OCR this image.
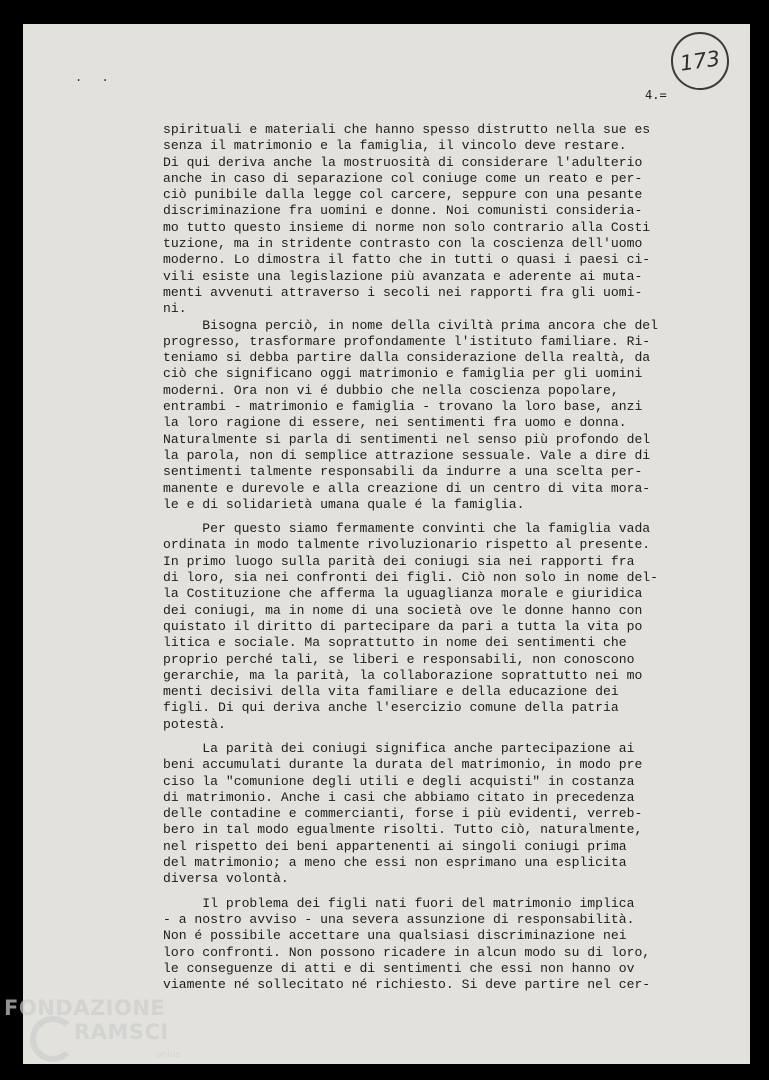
. .
173
4.=
spirituali e materiali che hanno spesso distrutto nella sue es
senza il matrimonio e la famiglia, il vincolo deve restare.
Di qui deriva anche la mostruosità di considerare l'adulterio
anche in caso di separazione col coniuge come un reato e per-
ciò punibile dalla legge col carcere, seppure con una pesante
discriminazione fra uomini e donne. Noi comunisti consideria-
mo tutto questo insieme di norme non solo contrario alla Costi
tuzione, ma in stridente contrasto con la coscienza dell'uomo
moderno. Lo dimostra il fatto che in tutti o quasi i paesi ci-
vili esiste una legislazione più avanzata e aderente ai muta-
menti avvenuti attraverso i secoli nei rapporti fra gli uomi-
ni.
Bisogna perciò, in nome della civiltà prima ancora che del
progresso, trasformare profondamente l'istituto familiare. Ri-
teniamo si debba partire dalla considerazione della realtà, da
ciò che significano oggi matrimonio e famiglia per gli uomini
moderni. Ora non vi é dubbio che nella coscienza popolare,
entrambi - matrimonio e famiglia - trovano la loro base, anzi
la loro ragione di essere, nei sentimenti fra uomo e donna.
Naturalmente si parla di sentimenti nel senso più profondo del
la parola, non di semplice attrazione sessuale. Vale a dire di
sentimenti talmente responsabili da indurre a una scelta per-
manente e durevole e alla creazione di un centro di vita mora-
le e di solidarietà umana quale é la famiglia.
Per questo siamo fermamente convinti che la famiglia vada
ordinata in modo talmente rivoluzionario rispetto al presente.
In primo luogo sulla parità dei coniugi sia nei rapporti fra
di loro, sia nei confronti dei figli. Ciò non solo in nome del-
la Costituzione che afferma la uguaglianza morale e giuridica
dei coniugi, ma in nome di una società ove le donne hanno con
quistato il diritto di partecipare da pari a tutta la vita po
litica e sociale. Ma soprattutto in nome dei sentimenti che
proprio perché tali, se liberi e responsabili, non conoscono
gerarchie, ma la parità, la collaborazione soprattutto nei mo
menti decisivi della vita familiare e della educazione dei
figli. Di qui deriva anche l'esercizio comune della patria
potestà.
La parità dei coniugi significa anche partecipazione ai
beni accumulati durante la durata del matrimonio, in modo pre
ciso la "comunione degli utili e degli acquisti" in costanza
di matrimonio. Anche i casi che abbiamo citato in precedenza
delle contadine e commercianti, forse i più evidenti, verreb-
bero in tal modo egualmente risolti. Tutto ciò, naturalmente,
nel rispetto dei beni appartenenti ai singoli coniugi prima
del matrimonio; a meno che essi non esprimano una esplicita
diversa volontà.
Il problema dei figli nati fuori del matrimonio implica
- a nostro avviso - una severa assunzione di responsabilità.
Non é possibile accettare una qualsiasi discriminazione nei
loro confronti. Non possono ricadere in alcun modo su di loro,
le conseguenze di atti e di sentimenti che essi non hanno ov
viamente né sollecitato né richiesto. Si deve partire nel cer-
FONDAZIONE
RAMSCI
onlus
